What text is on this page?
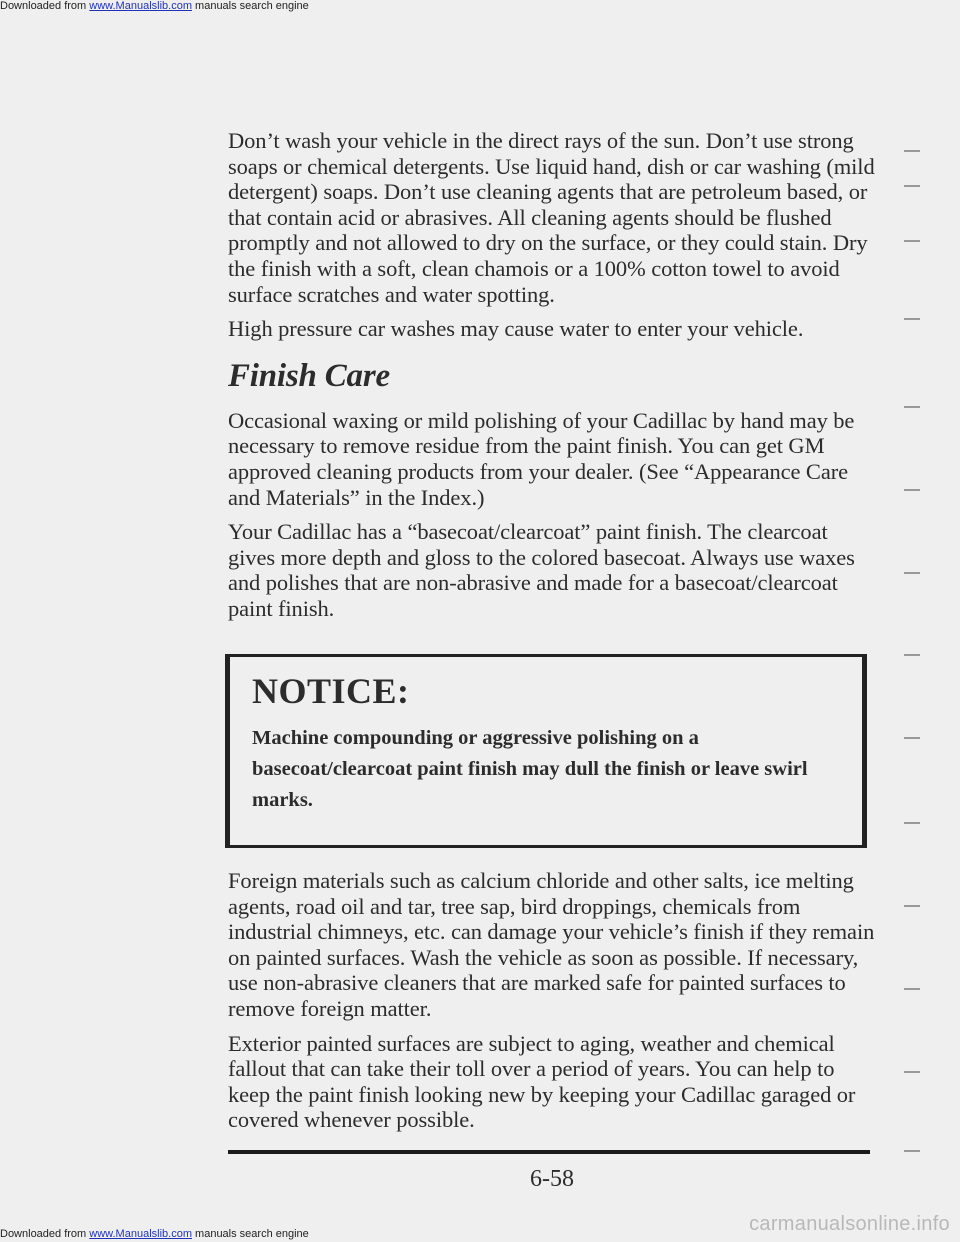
Downloaded from www.Manualslib.com manuals search engine

Don’t wash your vehicle in the direct rays of the sun. Don’t use strong soaps or chemical detergents. Use liquid hand, dish or car washing (mild detergent) soaps. Don’t use cleaning agents that are petroleum based, or that contain acid or abrasives. All cleaning agents should be flushed promptly and not allowed to dry on the surface, or they could stain. Dry the finish with a soft, clean chamois or a 100% cotton towel to avoid surface scratches and water spotting.

High pressure car washes may cause water to enter your vehicle.

Finish Care

Occasional waxing or mild polishing of your Cadillac by hand may be necessary to remove residue from the paint finish. You can get GM approved cleaning products from your dealer. (See “Appearance Care and Materials” in the Index.)

Your Cadillac has a “basecoat/clearcoat” paint finish. The clearcoat gives more depth and gloss to the colored basecoat. Always use waxes and polishes that are non-abrasive and made for a basecoat/clearcoat paint finish.

NOTICE:

Machine compounding or aggressive polishing on a basecoat/clearcoat paint finish may dull the finish or leave swirl marks.

Foreign materials such as calcium chloride and other salts, ice melting agents, road oil and tar, tree sap, bird droppings, chemicals from industrial chimneys, etc. can damage your vehicle’s finish if they remain on painted surfaces. Wash the vehicle as soon as possible. If necessary, use non-abrasive cleaners that are marked safe for painted surfaces to remove foreign matter.

Exterior painted surfaces are subject to aging, weather and chemical fallout that can take their toll over a period of years. You can help to keep the paint finish looking new by keeping your Cadillac garaged or covered whenever possible.

6-58
Downloaded from www.Manualslib.com manuals search engine	carmanualsonline.info
